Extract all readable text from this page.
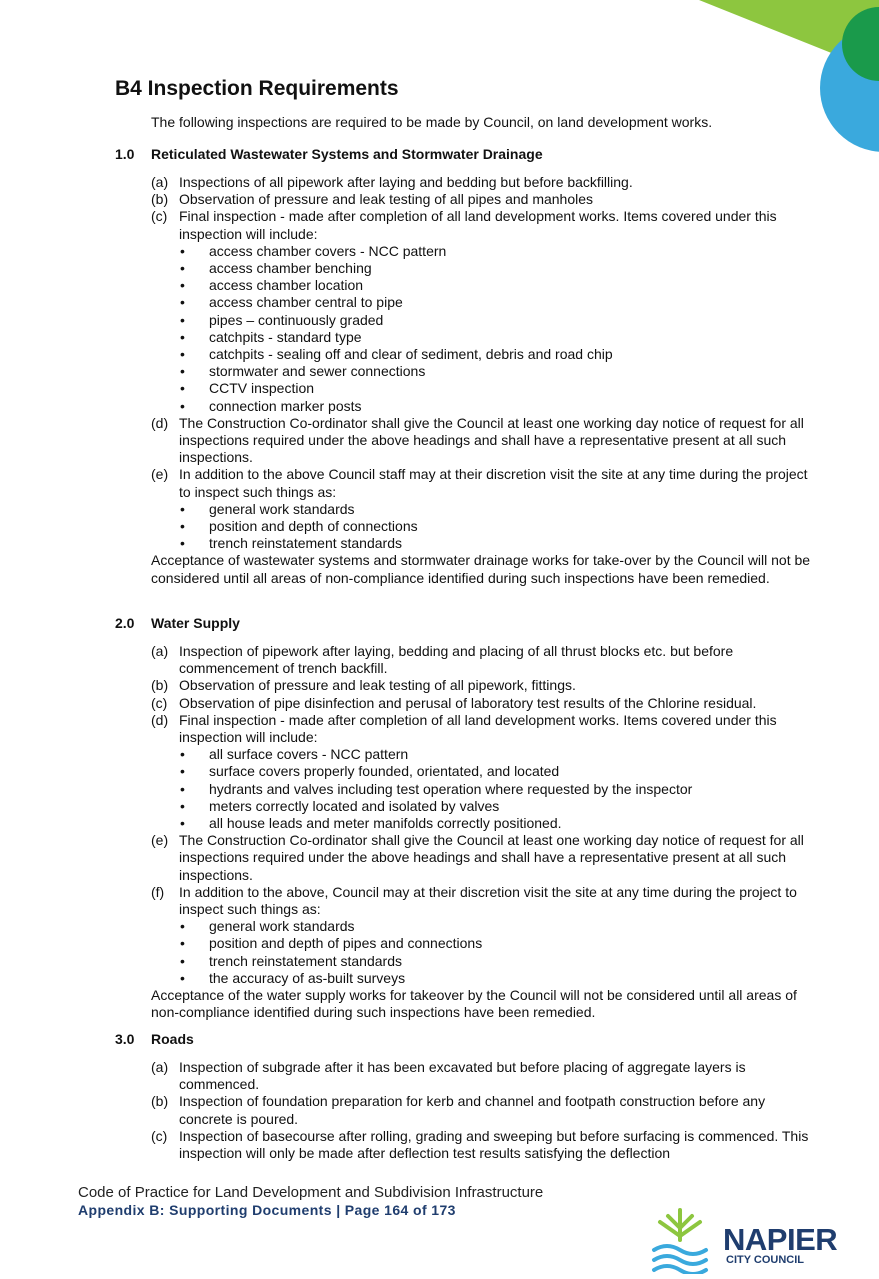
B4 Inspection Requirements

The following inspections are required to be made by Council, on land development works.

1.0 Reticulated Wastewater Systems and Stormwater Drainage
(a) Inspections of all pipework after laying and bedding but before backfilling.
(b) Observation of pressure and leak testing of all pipes and manholes
(c) Final inspection - made after completion of all land development works. Items covered under this inspection will include:
• access chamber covers - NCC pattern
• access chamber benching
• access chamber location
• access chamber central to pipe
• pipes – continuously graded
• catchpits - standard type
• catchpits - sealing off and clear of sediment, debris and road chip
• stormwater and sewer connections
• CCTV inspection
• connection marker posts
(d) The Construction Co-ordinator shall give the Council at least one working day notice of request for all inspections required under the above headings and shall have a representative present at all such inspections.
(e) In addition to the above Council staff may at their discretion visit the site at any time during the project to inspect such things as:
• general work standards
• position and depth of connections
• trench reinstatement standards

Acceptance of wastewater systems and stormwater drainage works for take-over by the Council will not be considered until all areas of non-compliance identified during such inspections have been remedied.

2.0 Water Supply
(a) Inspection of pipework after laying, bedding and placing of all thrust blocks etc. but before commencement of trench backfill.
(b) Observation of pressure and leak testing of all pipework, fittings.
(c) Observation of pipe disinfection and perusal of laboratory test results of the Chlorine residual.
(d) Final inspection - made after completion of all land development works. Items covered under this inspection will include:
• all surface covers - NCC pattern
• surface covers properly founded, orientated, and located
• hydrants and valves including test operation where requested by the inspector
• meters correctly located and isolated by valves
• all house leads and meter manifolds correctly positioned.
(e) The Construction Co-ordinator shall give the Council at least one working day notice of request for all inspections required under the above headings and shall have a representative present at all such inspections.
(f) In addition to the above, Council may at their discretion visit the site at any time during the project to inspect such things as:
• general work standards
• position and depth of pipes and connections
• trench reinstatement standards
• the accuracy of as-built surveys

Acceptance of the water supply works for takeover by the Council will not be considered until all areas of non-compliance identified during such inspections have been remedied.

3.0 Roads
(a) Inspection of subgrade after it has been excavated but before placing of aggregate layers is commenced.
(b) Inspection of foundation preparation for kerb and channel and footpath construction before any concrete is poured.
(c) Inspection of basecourse after rolling, grading and sweeping but before surfacing is commenced. This inspection will only be made after deflection test results satisfying the deflection
Code of Practice for Land Development and Subdivision Infrastructure
Appendix B: Supporting Documents | Page 164 of 173
NAPIER
CITY COUNCIL
